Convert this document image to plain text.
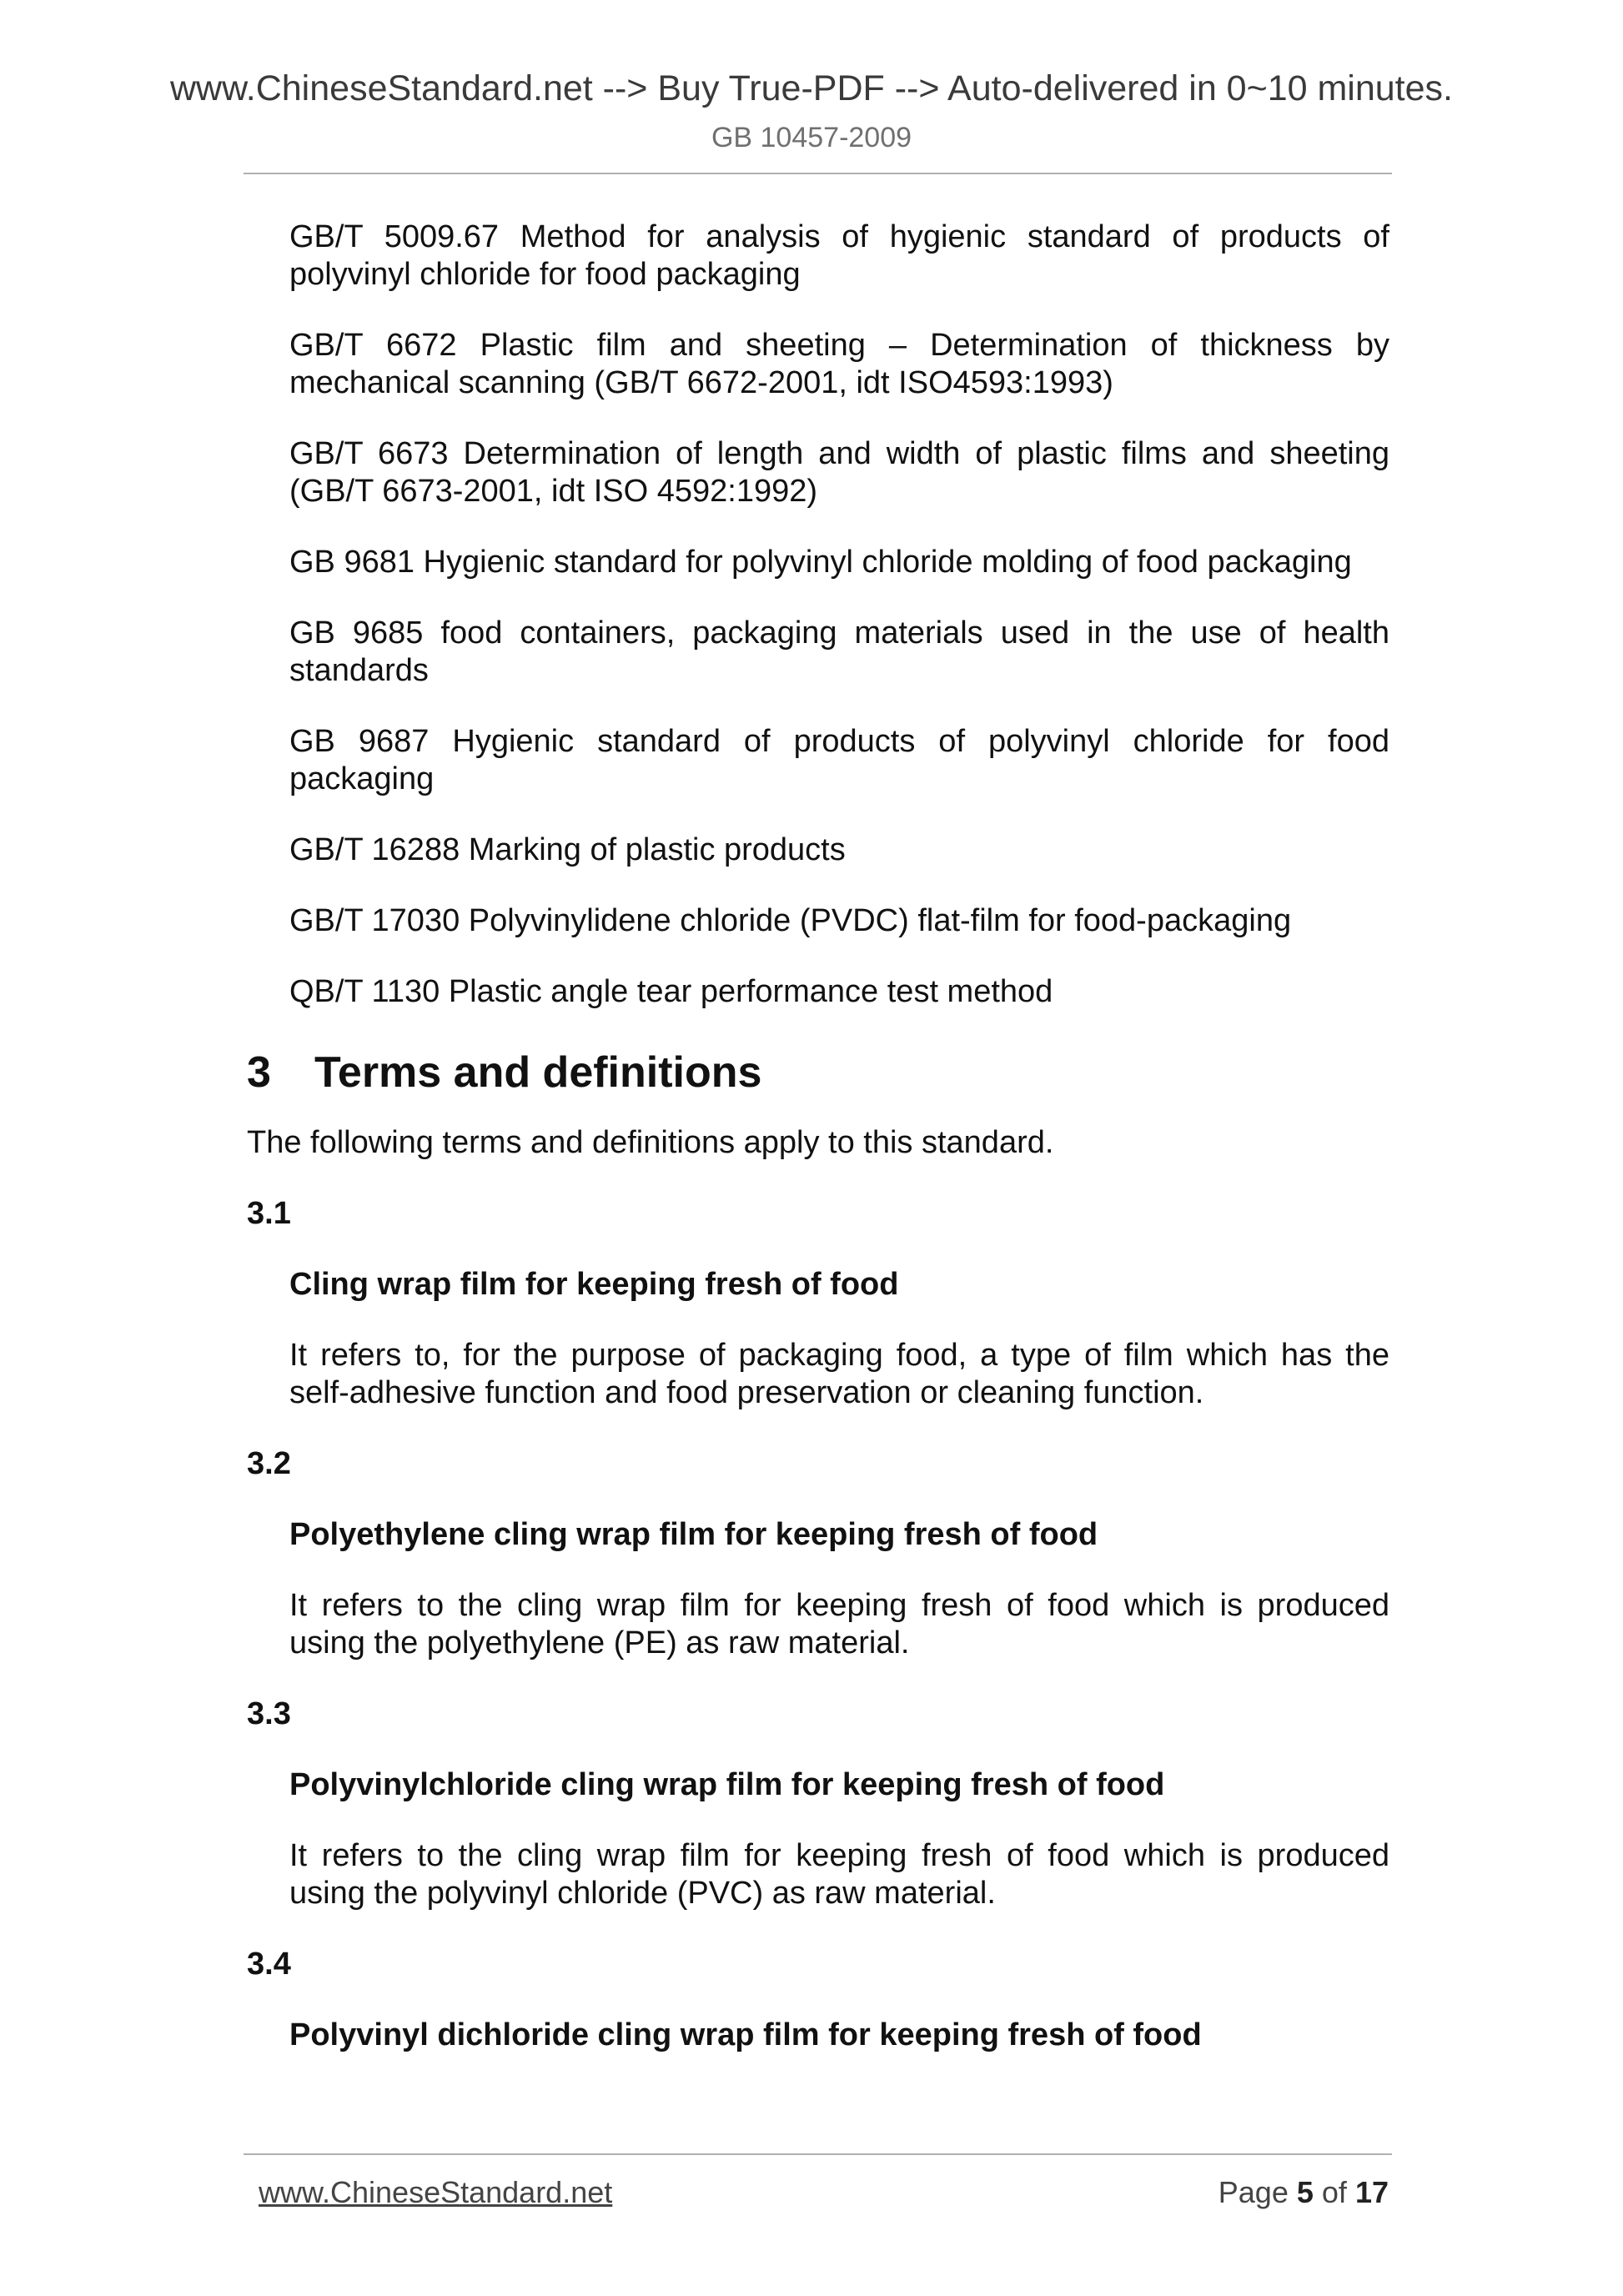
www.ChineseStandard.net --> Buy True-PDF --> Auto-delivered in 0~10 minutes.
GB 10457-2009
GB/T 5009.67 Method for analysis of hygienic standard of products of polyvinyl chloride for food packaging
GB/T 6672 Plastic film and sheeting – Determination of thickness by mechanical scanning (GB/T 6672-2001, idt ISO4593:1993)
GB/T 6673 Determination of length and width of plastic films and sheeting (GB/T 6673-2001, idt ISO 4592:1992)
GB 9681 Hygienic standard for polyvinyl chloride molding of food packaging
GB 9685 food containers, packaging materials used in the use of health standards
GB 9687 Hygienic standard of products of polyvinyl chloride for food packaging
GB/T 16288 Marking of plastic products
GB/T 17030 Polyvinylidene chloride (PVDC) flat-film for food-packaging
QB/T 1130 Plastic angle tear performance test method
3	Terms and definitions
The following terms and definitions apply to this standard.
3.1
Cling wrap film for keeping fresh of food
It refers to, for the purpose of packaging food, a type of film which has the self-adhesive function and food preservation or cleaning function.
3.2
Polyethylene cling wrap film for keeping fresh of food
It refers to the cling wrap film for keeping fresh of food which is produced using the polyethylene (PE) as raw material.
3.3
Polyvinylchloride cling wrap film for keeping fresh of food
It refers to the cling wrap film for keeping fresh of food which is produced using the polyvinyl chloride (PVC) as raw material.
3.4
Polyvinyl dichloride cling wrap film for keeping fresh of food
www.ChineseStandard.net	Page 5 of 17
